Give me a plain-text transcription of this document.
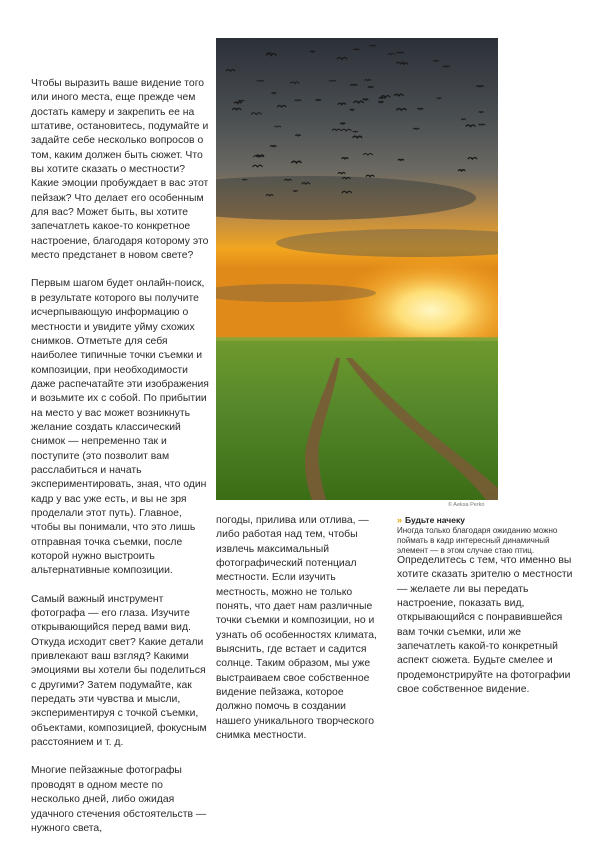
Чтобы выразить ваше видение того или иного места, еще прежде чем достать камеру и закрепить ее на штативе, остановитесь, подумайте и задайте себе несколько вопросов о том, каким должен быть сюжет. Что вы хотите сказать о местности? Какие эмоции пробуждает в вас этот пейзаж? Что делает его особенным для вас? Может быть, вы хотите запечатлеть какое-то конкретное настроение, благодаря которому это место предстанет в новом свете?

Первым шагом будет онлайн-поиск, в результате которого вы получите исчерпывающую информацию о местности и увидите уйму схожих снимков. Отметьте для себя наиболее типичные точки съемки и композиции, при необходимости даже распечатайте эти изображения и возьмите их с собой. По прибытии на место у вас может возникнуть желание создать классический снимок — непременно так и поступите (это позволит вам расслабиться и начать экспериментировать, зная, что один кадр у вас уже есть, и вы не зря проделали этот путь). Главное, чтобы вы понимали, что это лишь отправная точка съемки, после которой нужно выстроить альтернативные композиции.

Самый важный инструмент фотографа — его глаза. Изучите открывающийся перед вами вид. Откуда исходит свет? Какие детали привлекают ваш взгляд? Какими эмоциями вы хотели бы поделиться с другими? Затем подумайте, как передать эти чувства и мысли, экспериментируя с точкой съемки, объектами, композицией, фокусным расстоянием и т. д.

Многие пейзажные фотографы проводят в одном месте по несколько дней, либо ожидая удачного стечения обстоятельств — нужного света,

© Aeksa Рerko

погоды, прилива или отлива, — либо работая над тем, чтобы извлечь максимальный фотографический потенциал местности. Если изучить местность, можно не только понять, что дает нам различные точки съемки и композиции, но и узнать об особенностях климата, выяснить, где встает и садится солнце. Таким образом, мы уже выстраиваем свое собственное видение пейзажа, которое должно помочь в создании нашего уникального творческого снимка местности.

» Будьте начеку

Иногда только благодаря ожиданию можно поймать в кадр интересный динамичный элемент — в этом случае стаю птиц.

Определитесь с тем, что именно вы хотите сказать зрителю о местности — желаете ли вы передать настроение, показать вид, открывающийся с понравившейся вам точки съемки, или же запечатлеть какой-то конкретный аспект сюжета. Будьте смелее и продемонстрируйте на фотографии свое собственное видение.
